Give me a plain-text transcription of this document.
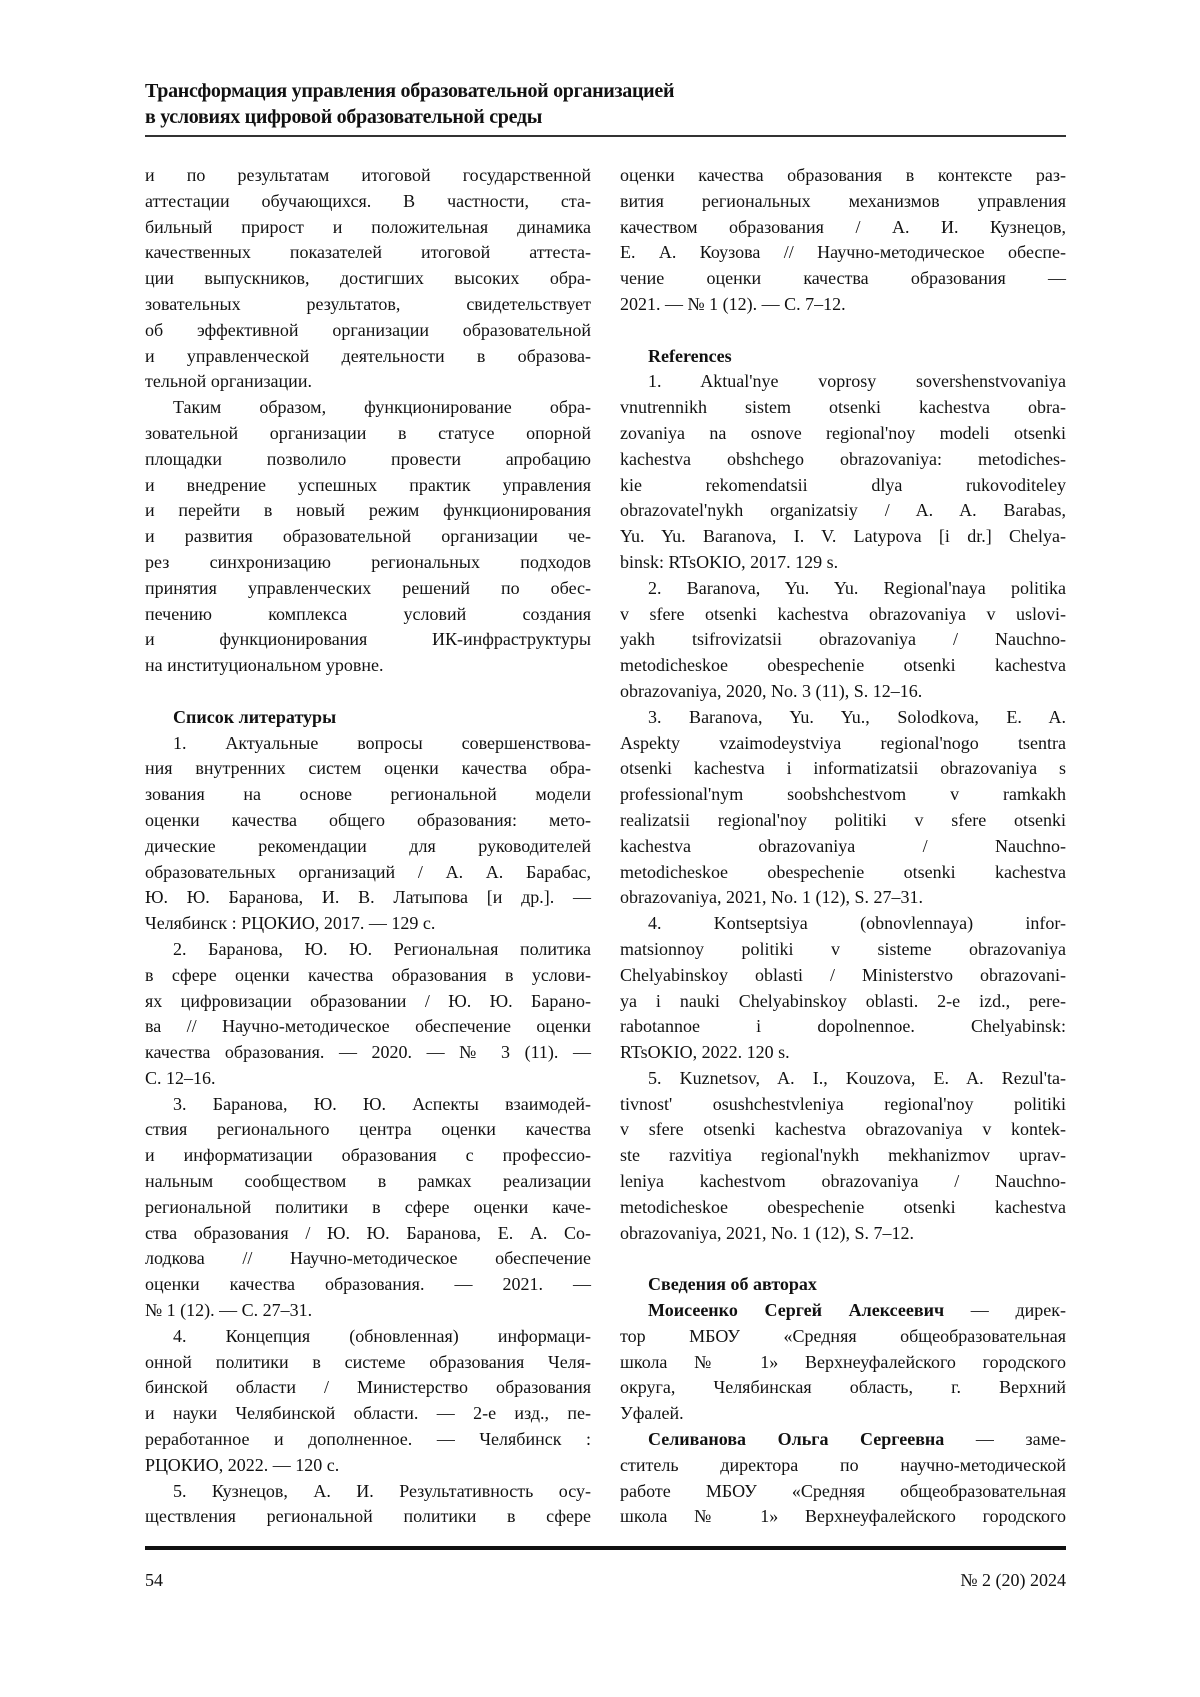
Трансформация управления образовательной организацией
в условиях цифровой образовательной среды
и по результатам итоговой государственной
аттестации обучающихся. В частности, ста-
бильный прирост и положительная динамика
качественных показателей итоговой аттеста-
ции выпускников, достигших высоких обра-
зовательных результатов, свидетельствует
об эффективной организации образовательной
и управленческой деятельности в образова-
тельной организации.
Таким образом, функционирование обра-
зовательной организации в статусе опорной
площадки позволило провести апробацию
и внедрение успешных практик управления
и перейти в новый режим функционирования
и развития образовательной организации че-
рез синхронизацию региональных подходов
принятия управленческих решений по обес-
печению комплекса условий создания
и функционирования ИК-инфраструктуры
на институциональном уровне.
Список литературы
1. Актуальные вопросы совершенствова-
ния внутренних систем оценки качества обра-
зования на основе региональной модели
оценки качества общего образования: мето-
дические рекомендации для руководителей
образовательных организаций / А. А. Барабас,
Ю. Ю. Баранова, И. В. Латыпова [и др.]. —
Челябинск : РЦОКИО, 2017. — 129 с.
2. Баранова, Ю. Ю. Региональная политика
в сфере оценки качества образования в услови-
ях цифровизации образовании / Ю. Ю. Барано-
ва // Научно-методическое обеспечение оценки
качества образования. — 2020. — № 3 (11). —
С. 12–16.
3. Баранова, Ю. Ю. Аспекты взаимодей-
ствия регионального центра оценки качества
и информатизации образования с профессио-
нальным сообществом в рамках реализации
региональной политики в сфере оценки каче-
ства образования / Ю. Ю. Баранова, Е. А. Со-
лодкова // Научно-методическое обеспечение
оценки качества образования. — 2021. —
№ 1 (12). — С. 27–31.
4. Концепция (обновленная) информаци-
онной политики в системе образования Челя-
бинской области / Министерство образования
и науки Челябинской области. — 2-е изд., пе-
реработанное и дополненное. — Челябинск :
РЦОКИО, 2022. — 120 с.
5. Кузнецов, А. И. Результативность осу-
ществления региональной политики в сфере
оценки качества образования в контексте раз-
вития региональных механизмов управления
качеством образования / А. И. Кузнецов,
Е. А. Коузова // Научно-методическое обеспе-
чение оценки качества образования —
2021. — № 1 (12). — С. 7–12.
References
1. Aktual'nye voprosy sovershenstvovaniya
vnutrennikh sistem otsenki kachestva obra-
zovaniya na osnove regional'noy modeli otsenki
kachestva obshchego obrazovaniya: metodiches-
kie rekomendatsii dlya rukovoditeley
obrazovatel'nykh organizatsiy / A. A. Barabas,
Yu. Yu. Baranova, I. V. Latypova [i dr.] Chelya-
binsk: RTsOKIO, 2017. 129 s.
2. Baranova, Yu. Yu. Regional'naya politika
v sfere otsenki kachestva obrazovaniya v uslovi-
yakh tsifrovizatsii obrazovaniya / Nauchno-
metodicheskoe obespechenie otsenki kachestva
obrazovaniya, 2020, No. 3 (11), S. 12–16.
3. Baranova, Yu. Yu., Solodkova, E. A.
Aspekty vzaimodeystviya regional'nogo tsentra
otsenki kachestva i informatizatsii obrazovaniya s
professional'nym soobshchestvom v ramkakh
realizatsii regional'noy politiki v sfere otsenki
kachestva obrazovaniya / Nauchno-
metodicheskoe obespechenie otsenki kachestva
obrazovaniya, 2021, No. 1 (12), S. 27–31.
4. Kontseptsiya (obnovlennaya) infor-
matsionnoy politiki v sisteme obrazovaniya
Chelyabinskoy oblasti / Ministerstvo obrazovani-
ya i nauki Chelyabinskoy oblasti. 2-e izd., pere-
rabotannoe i dopolnennoe. Chelyabinsk:
RTsOKIO, 2022. 120 s.
5. Kuznetsov, A. I., Kouzova, E. A. Rezul'ta-
tivnost' osushchestvleniya regional'noy politiki
v sfere otsenki kachestva obrazovaniya v kontek-
ste razvitiya regional'nykh mekhanizmov uprav-
leniya kachestvom obrazovaniya / Nauchno-
metodicheskoe obespechenie otsenki kachestva
obrazovaniya, 2021, No. 1 (12), S. 7–12.
Сведения об авторах
Моисеенко Сергей Алексеевич — дирек-
тор МБОУ «Средняя общеобразовательная
школа № 1» Верхнеуфалейского городского
округа, Челябинская область, г. Верхний
Уфалей.
Селиванова Ольга Сергеевна — заме-
ститель директора по научно-методической
работе МБОУ «Средняя общеобразовательная
школа № 1» Верхнеуфалейского городского
54	№ 2 (20) 2024
